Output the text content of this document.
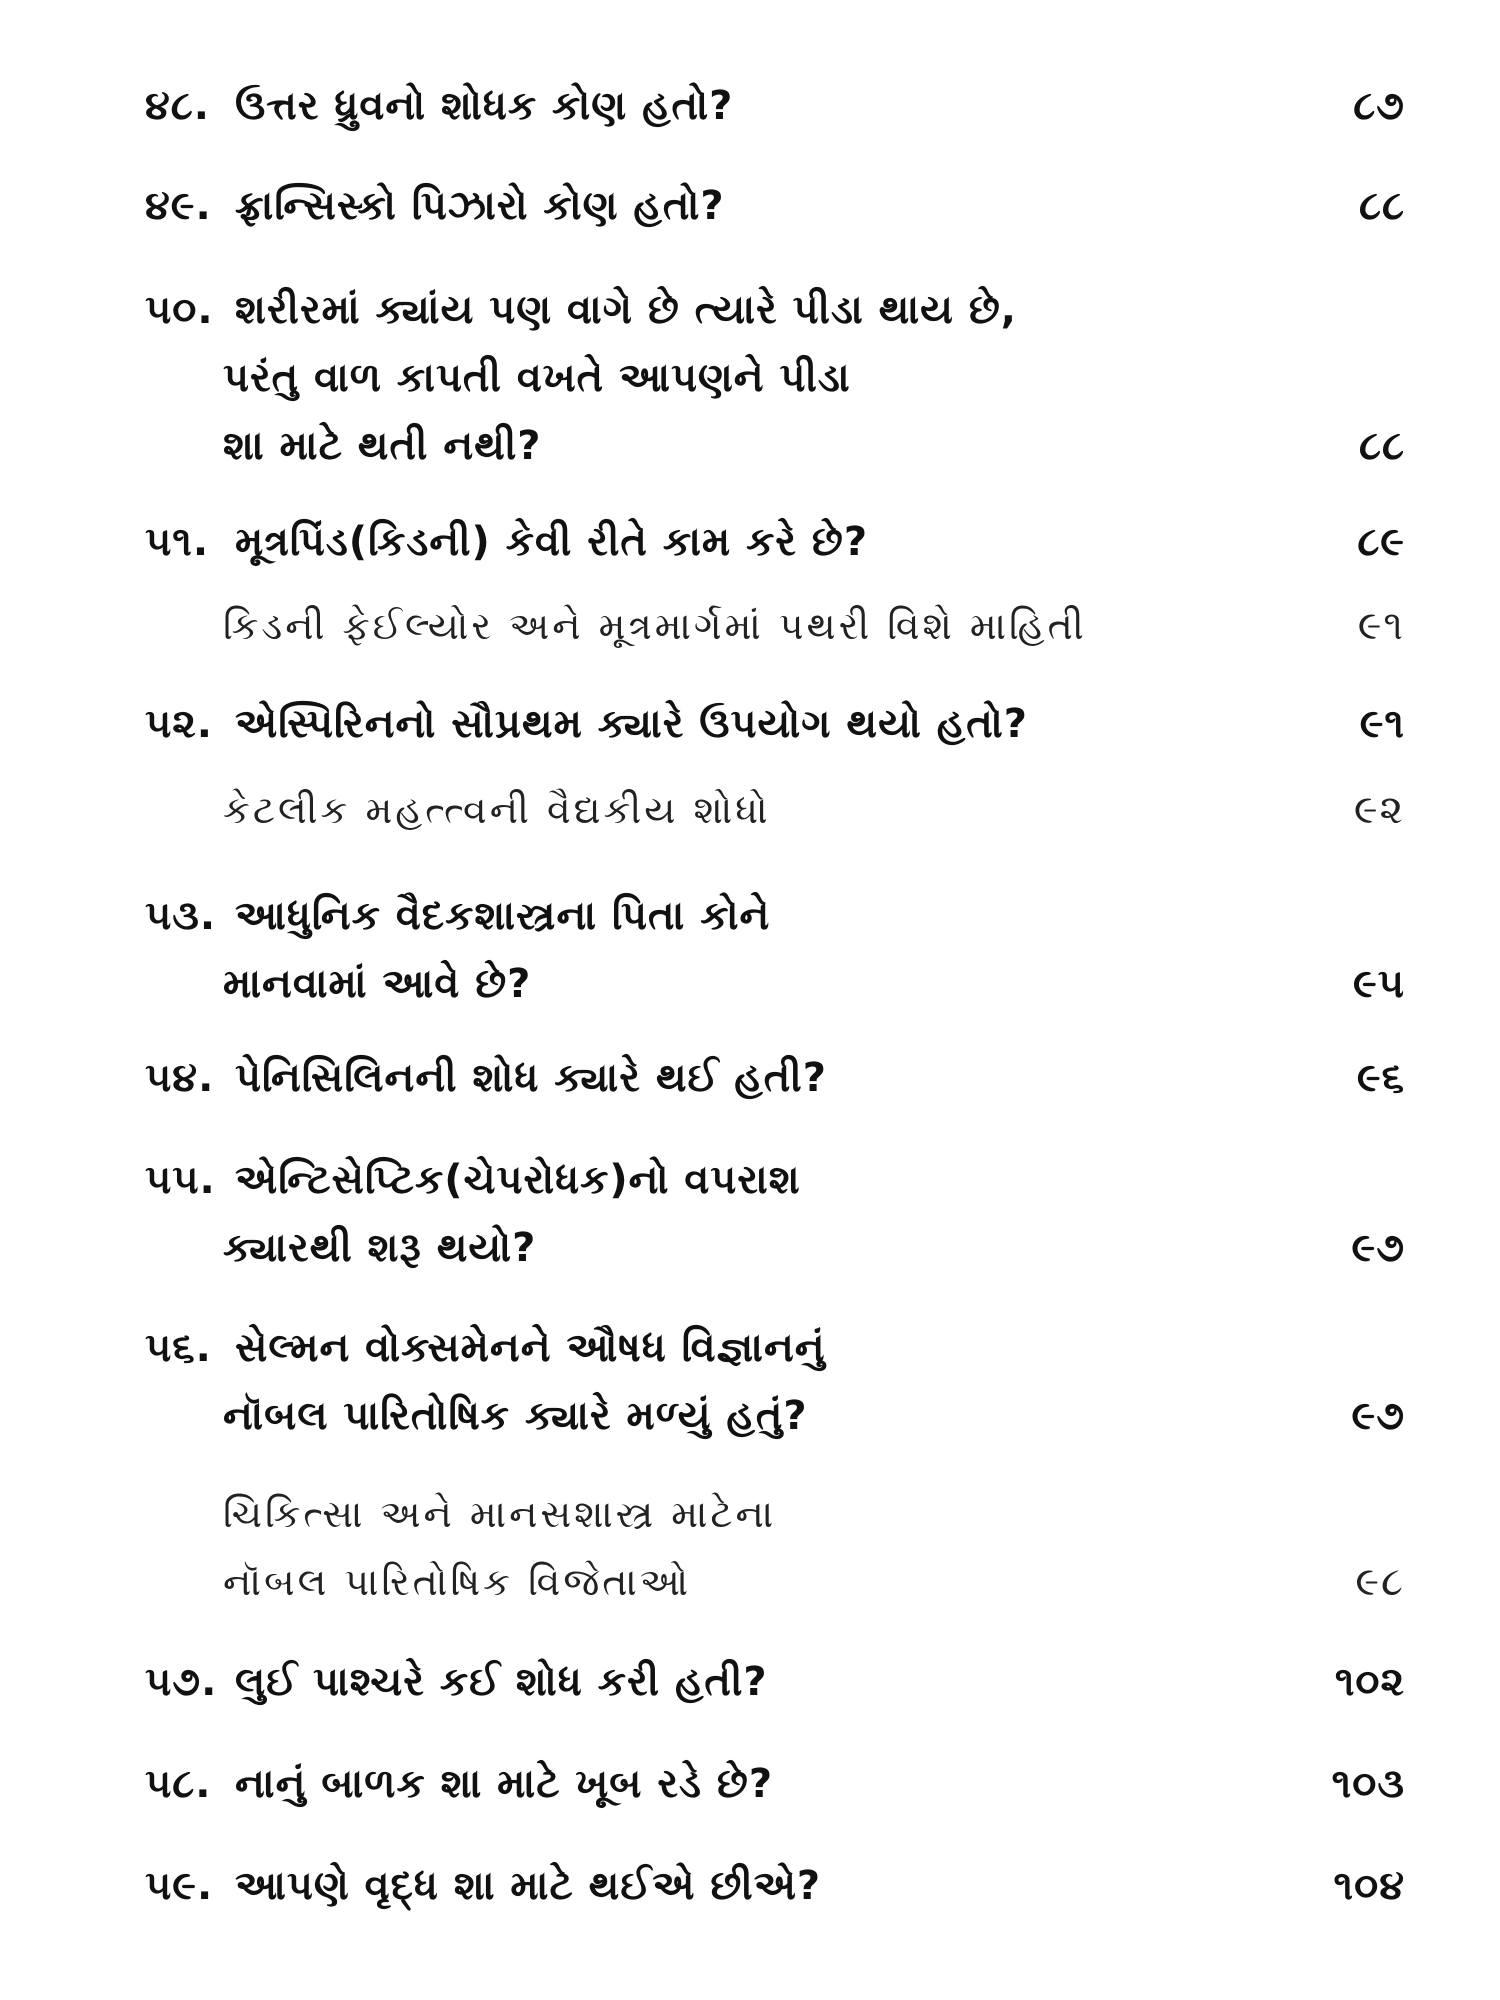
૪૮. ઉત્તર ધ્રુવનો શોધક કોણ હતો?	૮૭
૪૯. ફ્રાન્સિસ્કો પિઝારો કોણ હતો?	૮૮
૫૦. શરીરમાં ક્યાંય પણ વાગે છે ત્યારે પીડા થાય છે,
પરંતુ વાળ કાપતી વખતે આપણને પીડા
શા માટે થતી નથી?	૮૮
૫૧. મૂત્રપિંડ(કિડની) કેવી રીતે કામ કરે છે?	૮૯
કિડની ફેઈલ્યોર અને મૂત્રમાર્ગમાં પથરી વિશે માહિતી	૯૧
૫૨. એસ્પિરિનનો સૌપ્રથમ ક્યારે ઉપયોગ થયો હતો?	૯૧
કેટલીક મહત્ત્વની વૈદ્યકીય શોધો	૯૨
૫૩. આધુનિક વૈદકશાસ્ત્રના પિતા કોને
માનવામાં આવે છે?	૯૫
૫૪. પેનિસિલિનની શોધ ક્યારે થઈ હતી?	૯૬
૫૫. એન્ટિસેપ્ટિક(ચેપરોધક)નો વપરાશ
ક્યારથી શરૂ થયો?	૯૭
૫૬. સેલ્મન વોક્સમેનને ઔષધ વિજ્ઞાનનું
નૉબલ પારિતોષિક ક્યારે મળ્યું હતું?	૯૭
ચિકિત્સા અને માનસશાસ્ત્ર માટેના
નૉબલ પારિતોષિક વિજેતાઓ	૯૮
૫૭. લુઈ પાશ્ચરે કઈ શોધ કરી હતી?	૧૦૨
૫૮. નાનું બાળક શા માટે ખૂબ રડે છે?	૧૦૩
૫૯. આપણે વૃદ્ધ શા માટે થઈએ છીએ?	૧૦૪
